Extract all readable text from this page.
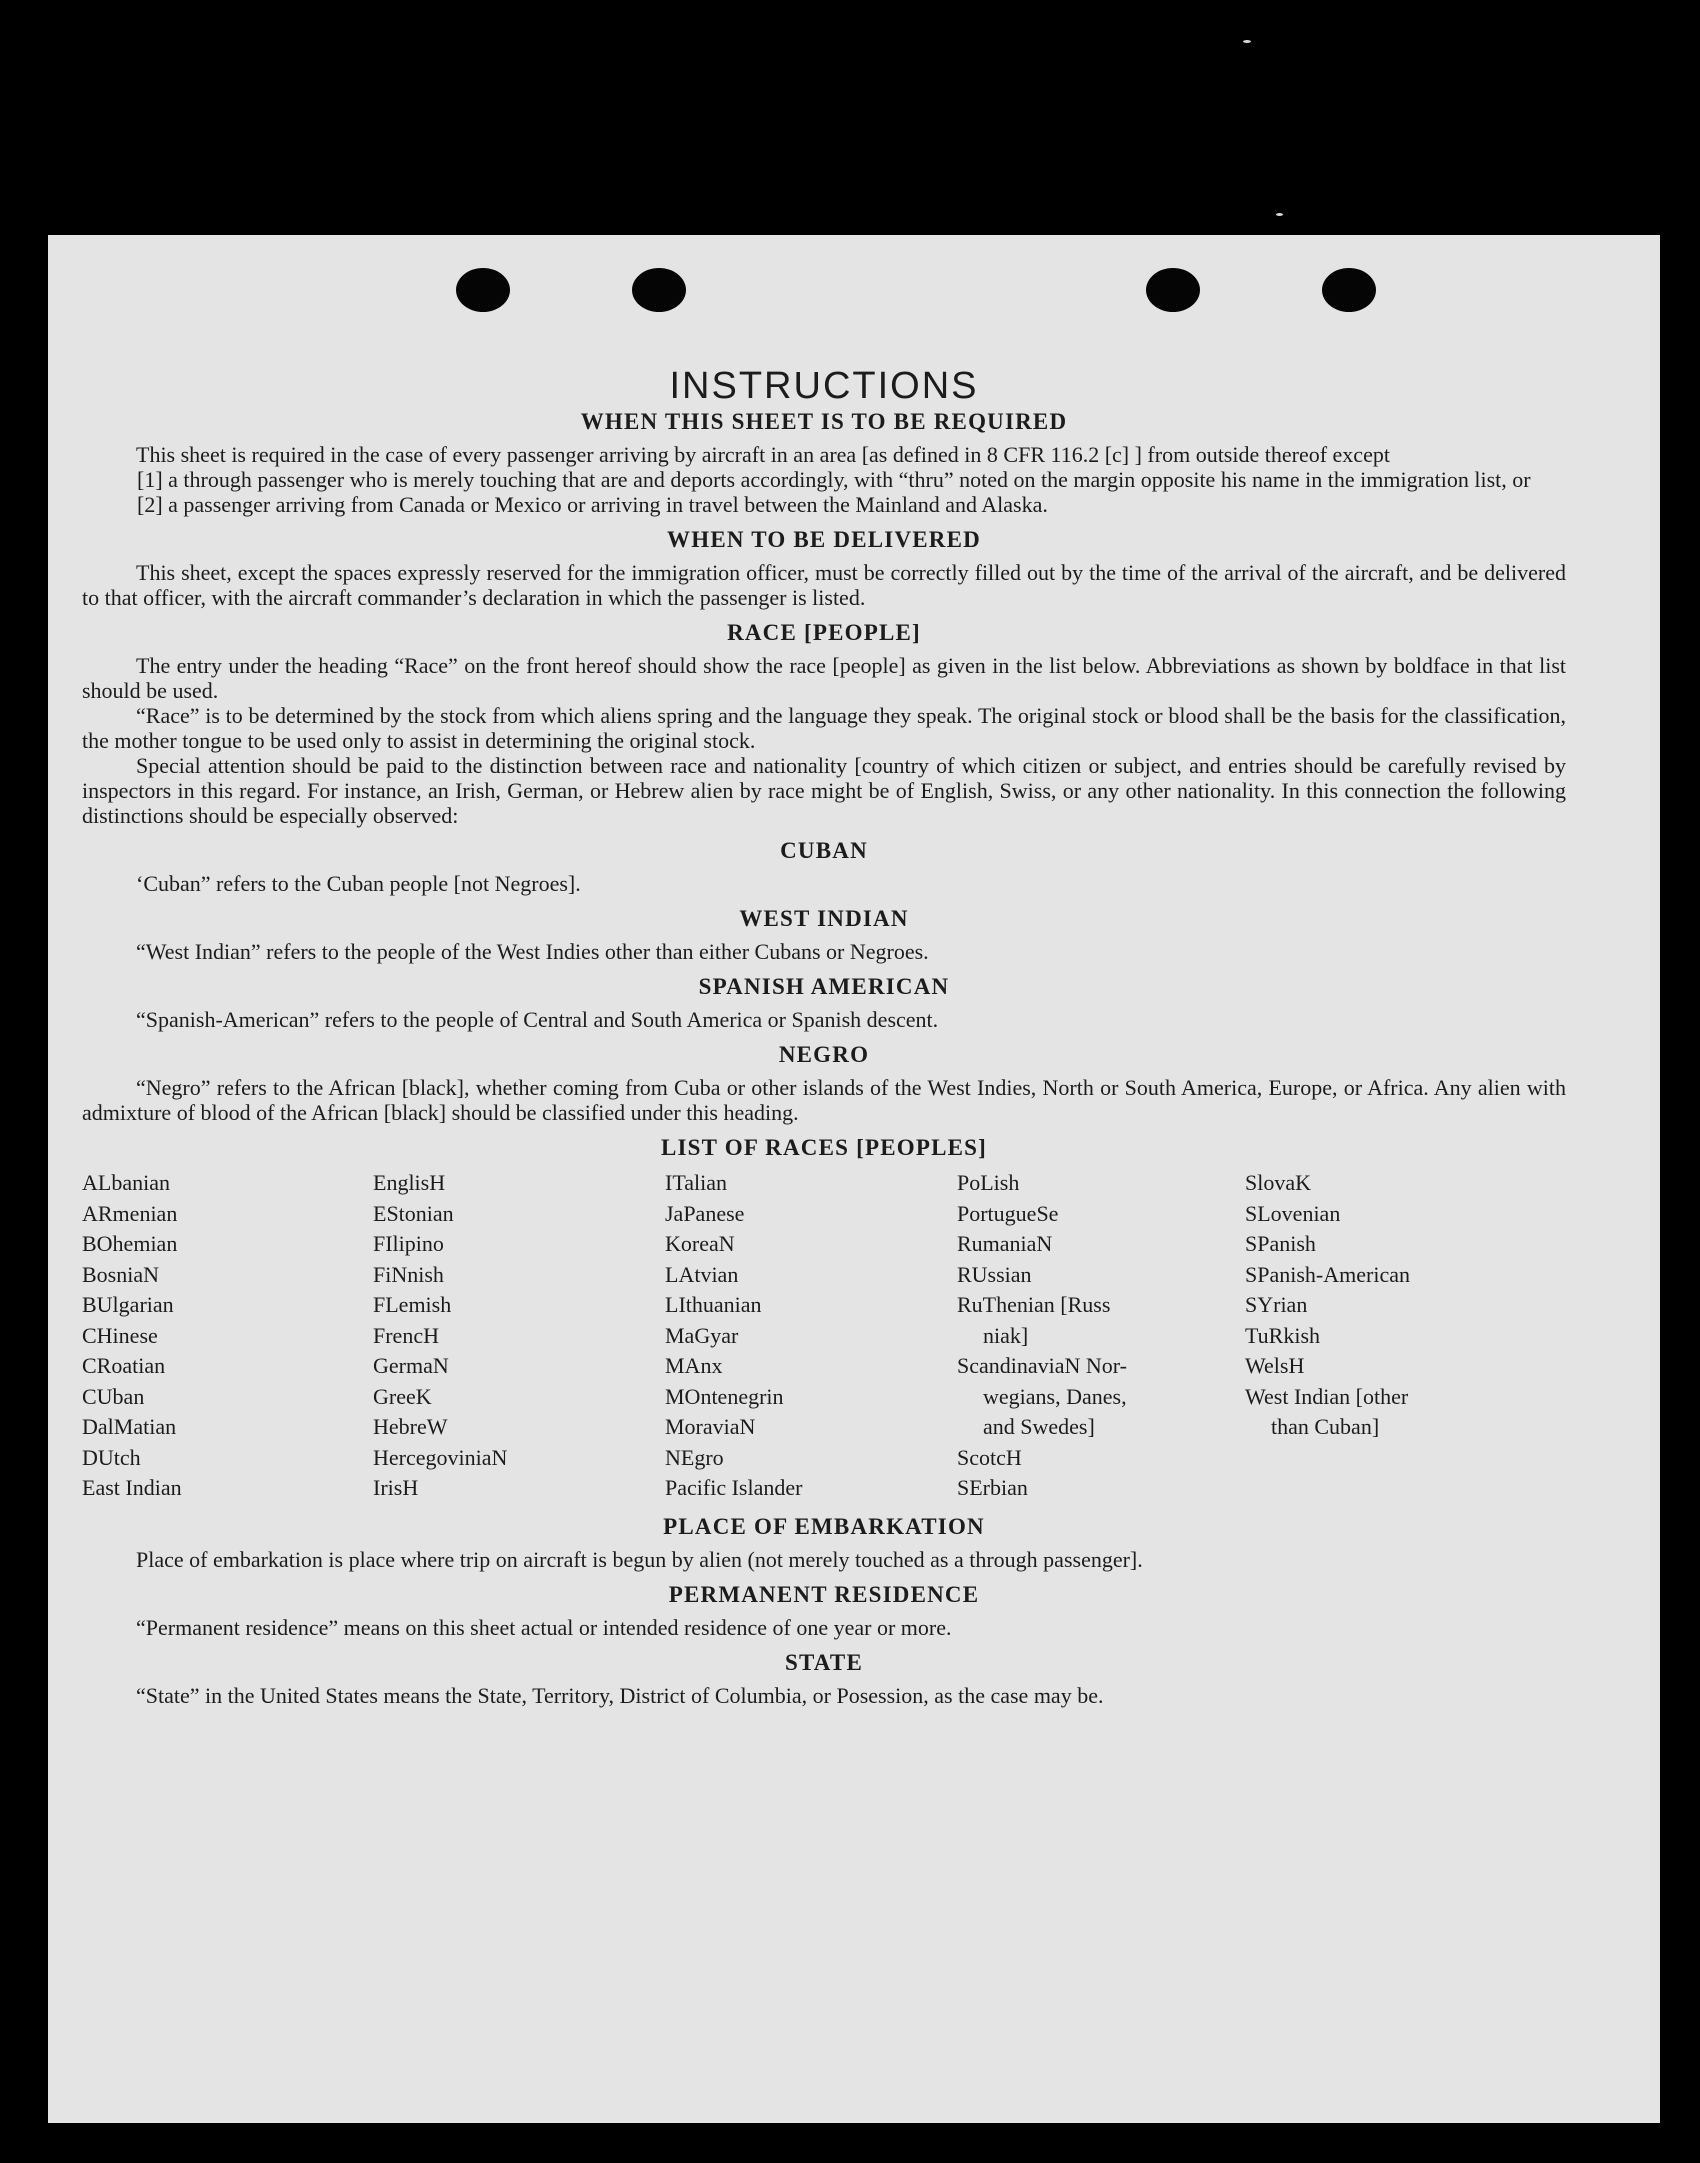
INSTRUCTIONS
WHEN THIS SHEET IS TO BE REQUIRED

This sheet is required in the case of every passenger arriving by aircraft in an area [as defined in 8 CFR 116.2 [c] ] from outside thereof except

[1] a through passenger who is merely touching that are and deports accordingly, with “thru” noted on the margin opposite his name in the immigration list, or

[2] a passenger arriving from Canada or Mexico or arriving in travel between the Mainland and Alaska.

WHEN TO BE DELIVERED

This sheet, except the spaces expressly reserved for the immigration officer, must be correctly filled out by the time of the arrival of the aircraft, and be delivered to that officer, with the aircraft commander’s declaration in which the passenger is listed.

RACE [PEOPLE]

The entry under the heading “Race” on the front hereof should show the race [people] as given in the list below. Abbreviations as shown by boldface in that list should be used.

“Race” is to be determined by the stock from which aliens spring and the language they speak. The original stock or blood shall be the basis for the classification, the mother tongue to be used only to assist in determining the original stock.

Special attention should be paid to the distinction between race and nationality [country of which citizen or subject, and entries should be carefully revised by inspectors in this regard. For instance, an Irish, German, or Hebrew alien by race might be of English, Swiss, or any other nationality. In this connection the following distinctions should be especially observed:

CUBAN

‘Cuban” refers to the Cuban people [not Negroes].

WEST INDIAN

“West Indian” refers to the people of the West Indies other than either Cubans or Negroes.

SPANISH AMERICAN

“Spanish-American” refers to the people of Central and South America or Spanish descent.

NEGRO

“Negro” refers to the African [black], whether coming from Cuba or other islands of the West Indies, North or South America, Europe, or Africa. Any alien with admixture of blood of the African [black] should be classified under this heading.

LIST OF RACES [PEOPLES]
ALbanian
ARmenian
BOhemian
BosniaN
BUlgarian
CHinese
CRoatian
CUban
DalMatian
DUtch
East Indian
EnglisH
EStonian
FIlipino
FiNnish
FLemish
FrencH
GermaN
GreeK
HebreW
HercegoviniaN
IrisH
ITalian
JaPanese
KoreaN
LAtvian
LIthuanian
MaGyar
MAnx
MOntenegrin
MoraviaN
NEgro
Pacific Islander
PoLish
PortugueSe
RumaniaN
RUssian
RuThenian [Russ
niak]
ScandinaviaN Nor-
wegians, Danes,
and Swedes]
ScotcH
SErbian
SlovaK
SLovenian
SPanish
SPanish-American
SYrian
TuRkish
WelsH
West Indian [other
than Cuban]
PLACE OF EMBARKATION

Place of embarkation is place where trip on aircraft is begun by alien (not merely touched as a through passenger].

PERMANENT RESIDENCE

“Permanent residence” means on this sheet actual or intended residence of one year or more.

STATE

“State” in the United States means the State, Territory, District of Columbia, or Posession, as the case may be.
